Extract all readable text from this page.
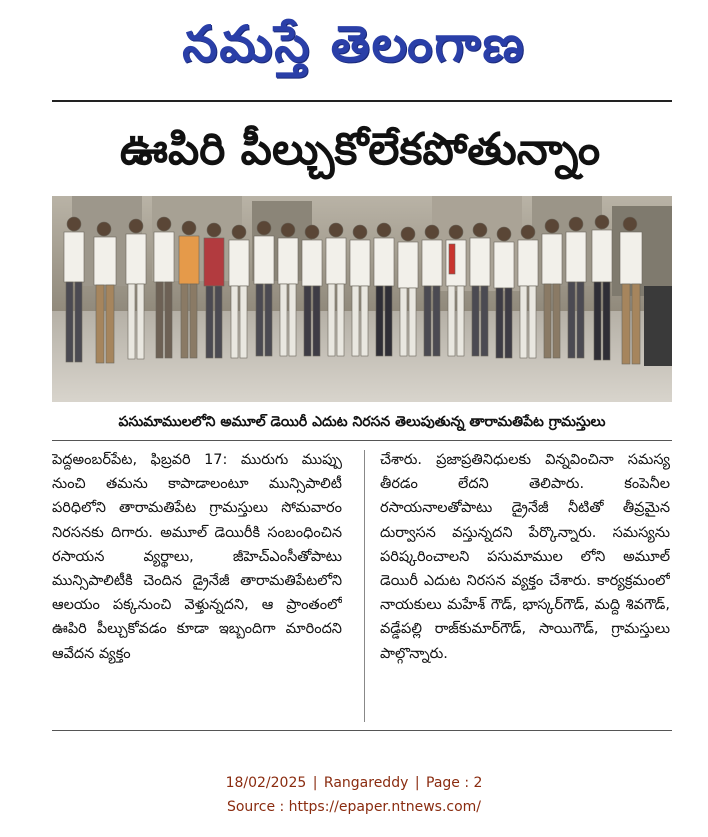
నమస్తే తెలంగాణ
ఊపిరి పీల్చుకోలేకపోతున్నాం
పసుమాములలోని అమూల్ డెయిరీ ఎదుట నిరసన తెలుపుతున్న తారామతిపేట గ్రామస్తులు
పెద్దఅంబర్‌పేట, ఫిబ్రవరి 17: మురుగు ముప్పు నుంచి తమను కాపాడాలంటూ మున్సిపాలిటీ పరిధిలోని తారామతిపేట గ్రామస్తులు సోమవారం నిరసనకు దిగారు. అమూల్ డెయిరీకి సంబంధించిన రసాయన వ్యర్థాలు, జీహెచ్ఎంసీతోపాటు మున్సిపాలిటీకి చెందిన డ్రైనేజీ తారామతిపేటలోని ఆలయం పక్కనుంచి వెళ్తున్నదని, ఆ ప్రాంతంలో ఊపిరి పీల్చుకోవడం కూడా ఇబ్బందిగా మారిందని ఆవేదన వ్యక్తం
చేశారు. ప్రజాప్రతినిధులకు విన్నవించినా సమస్య తీరడం లేదని తెలిపారు. కంపెనీల రసాయనాలతోపాటు డ్రైనేజీ నీటితో తీవ్రమైన దుర్వాసన వస్తున్నదని పేర్కొన్నారు. సమస్యను పరిష్కరించాలని పసుమాముల లోని అమూల్ డెయిరీ ఎదుట నిరసన వ్యక్తం చేశారు. కార్యక్రమంలో నాయకులు మహేశ్ గౌడ్, భాస్కర్‌గౌడ్, మద్ది శివగౌడ్, వడ్డేపల్లి రాజ్‌కుమార్‌గౌడ్, సాయిగౌడ్, గ్రామస్తులు పాల్గొన్నారు.
18/02/2025 | Rangareddy | Page : 2
Source : https://epaper.ntnews.com/
